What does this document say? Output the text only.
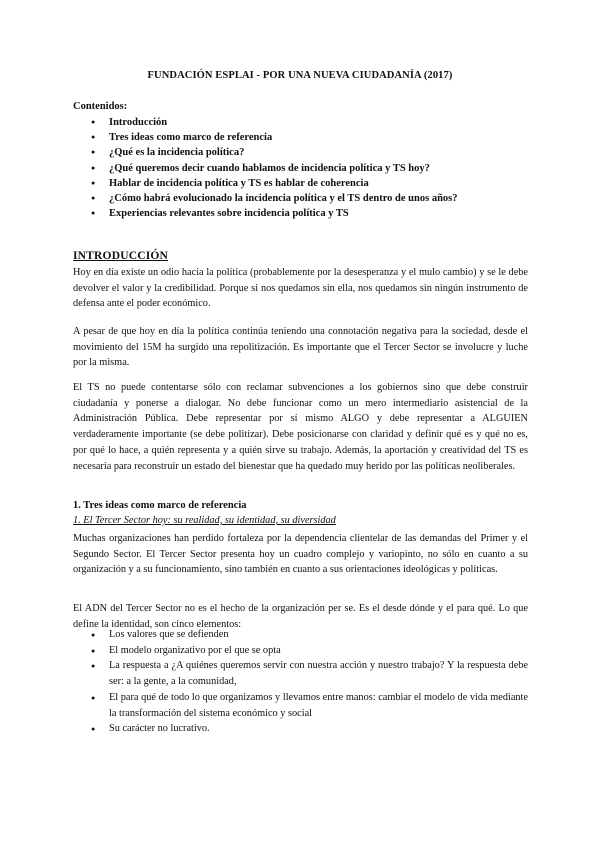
FUNDACIÓN ESPLAI - POR UNA NUEVA CIUDADANÍA (2017)
Contenidos:
● Introducción
● Tres ideas como marco de referencia
● ¿Qué es la incidencia política?
● ¿Qué queremos decir cuando hablamos de incidencia política y TS hoy?
● Hablar de incidencia política y TS es hablar de coherencia
● ¿Cómo habrá evolucionado la incidencia política y el TS dentro de unos años?
● Experiencias relevantes sobre incidencia política y TS
INTRODUCCIÓN

Hoy en día existe un odio hacia la política (probablemente por la desesperanza y el mulo cambio) y se le debe devolver el valor y la credibilidad. Porque si nos quedamos sin ella, nos quedamos sin ningún instrumento de defensa ante el poder económico.

A pesar de que hoy en día la política continúa teniendo una connotación negativa para la sociedad, desde el movimiento del 15M ha surgido una repolitización. Es importante que el Tercer Sector se involucre y luche por la misma.

El TS no puede contentarse sólo con reclamar subvenciones a los gobiernos sino que debe construir ciudadanía y ponerse a dialogar. No debe funcionar como un mero intermediario asistencial de la Administración Pública. Debe representar por sí mismo ALGO y debe representar a ALGUIEN verdaderamente importante (se debe politizar). Debe posicionarse con claridad y definir qué es y qué no es, por qué lo hace, a quién representa y a quién sirve su trabajo. Además, la aportación y creatividad del TS es necesaria para reconstruir un estado del bienestar que ha quedado muy herido por las políticas neoliberales.

1. Tres ideas como marco de referencia
1. El Tercer Sector hoy: su realidad, su identidad, su diversidad

Muchas organizaciones han perdido fortaleza por la dependencia clientelar de las demandas del Primer y el Segundo Sector. El Tercer Sector presenta hoy un cuadro complejo y variopinto, no sólo en cuanto a su organización y a su funcionamiento, sino también en cuanto a sus orientaciones ideológicas y políticas.

El ADN del Tercer Sector no es el hecho de la organización per se. Es el desde dónde y el para qué. Lo que define la identidad, son cinco elementos:

● Los valores que se defienden
● El modelo organizativo por el que se opta
● La respuesta a ¿A quiénes queremos servir con nuestra acción y nuestro trabajo? Y la respuesta debe ser: a la gente, a la comunidad,
● El para qué de todo lo que organizamos y llevamos entre manos: cambiar el modelo de vida mediante la transformación del sistema económico y social
● Su carácter no lucrativo.
